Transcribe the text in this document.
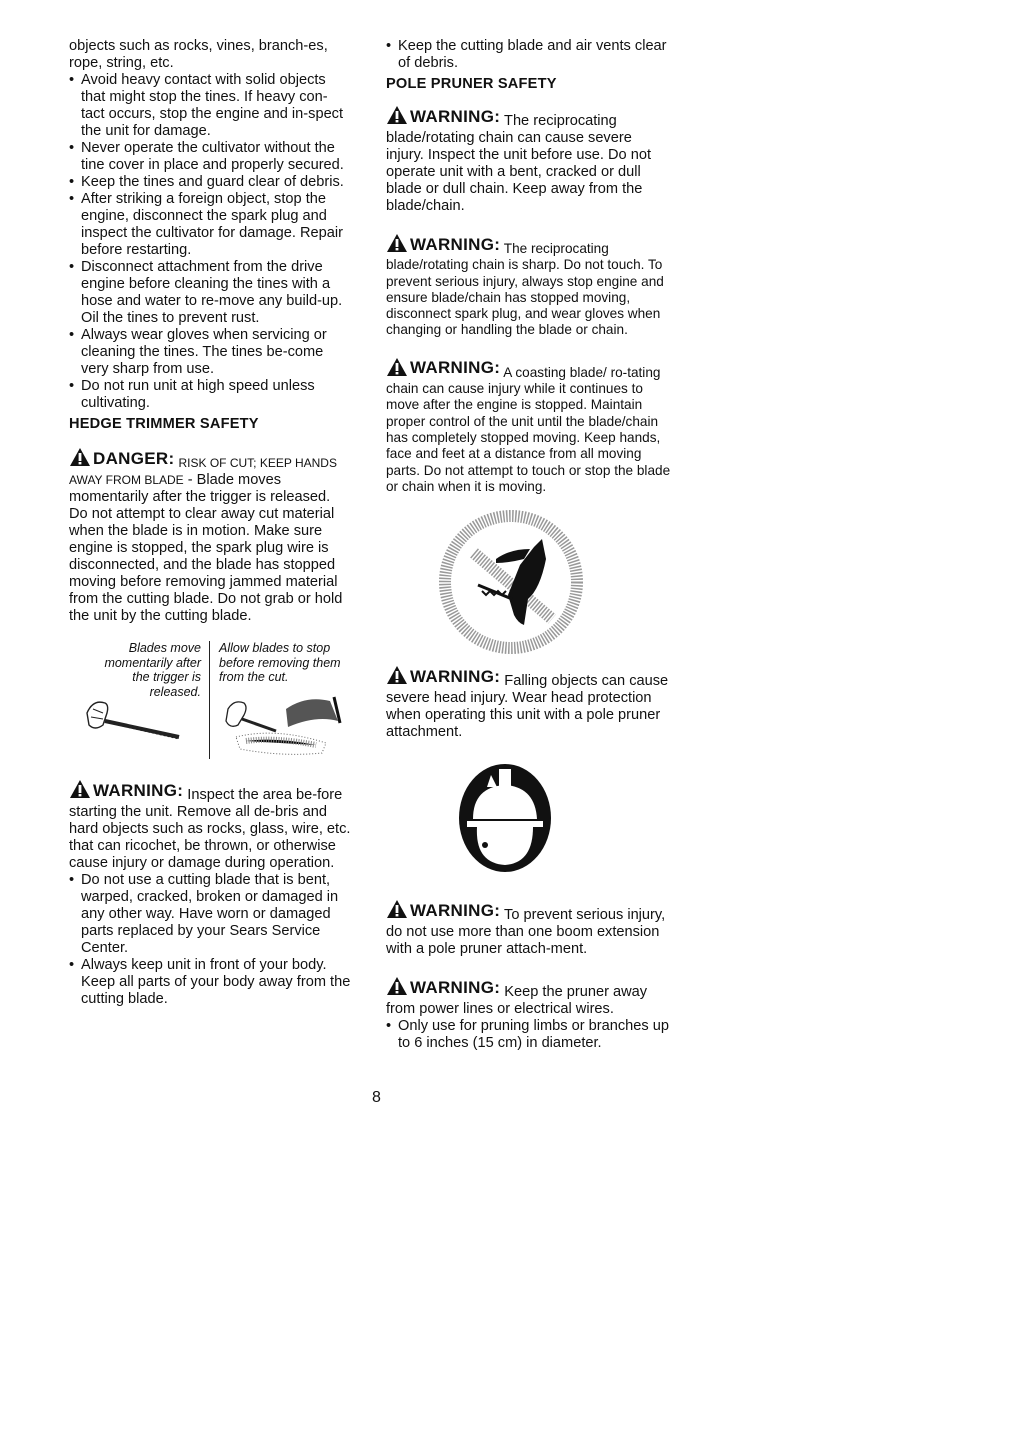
objects such as rocks, vines, branch-es, rope, string, etc.

• Avoid heavy contact with solid objects that might stop the tines. If heavy con-tact occurs, stop the engine and in-spect the unit for damage.
• Never operate the cultivator without the tine cover in place and properly secured.
• Keep the tines and guard clear of debris.
• After striking a foreign object, stop the engine, disconnect the spark plug and inspect the cultivator for damage. Repair before restarting.
• Disconnect attachment from the drive engine before cleaning the tines with a hose and water to re-move any build-up. Oil the tines to prevent rust.
• Always wear gloves when servicing or cleaning the tines. The tines be-come very sharp from use.
• Do not run unit at high speed unless cultivating.
HEDGE TRIMMER SAFETY
DANGER: RISK OF CUT; KEEP HANDS AWAY FROM BLADE - Blade moves momentarily after the trigger is released. Do not attempt to clear away cut material when the blade is in motion. Make sure engine is stopped, the spark plug wire is disconnected, and the blade has stopped moving before removing jammed material from the cutting blade. Do not grab or hold the unit by the cutting blade.
Blades move momentarily after the trigger is released.
Allow blades to stop before removing them from the cut.
WARNING: Inspect the area be-fore starting the unit. Remove all de-bris and hard objects such as rocks, glass, wire, etc. that can ricochet, be thrown, or otherwise cause injury or damage during operation.
• Do not use a cutting blade that is bent, warped, cracked, broken or damaged in any other way. Have worn or damaged parts replaced by your Sears Service Center.
• Always keep unit in front of your body. Keep all parts of your body away from the cutting blade.
• Keep the cutting blade and air vents clear of debris.
POLE PRUNER SAFETY
WARNING: The reciprocating blade/rotating chain can cause severe injury. Inspect the unit before use. Do not operate unit with a bent, cracked or dull blade or dull chain. Keep away from the blade/chain.
WARNING: The reciprocating blade/rotating chain is sharp. Do not touch. To prevent serious injury, always stop engine and ensure blade/chain has stopped moving, disconnect spark plug, and wear gloves when changing or handling the blade or chain.
WARNING: A coasting blade/ ro-tating chain can cause injury while it continues to move after the engine is stopped. Maintain proper control of the unit until the blade/chain has completely stopped moving. Keep hands, face and feet at a distance from all moving parts. Do not attempt to touch or stop the blade or chain when it is moving.
WARNING: Falling objects can cause severe head injury. Wear head protection when operating this unit with a pole pruner attachment.
WARNING: To prevent serious injury, do not use more than one boom extension with a pole pruner attach-ment.
WARNING: Keep the pruner away from power lines or electrical wires.
• Only use for pruning limbs or branches up to 6 inches (15 cm) in diameter.
8
